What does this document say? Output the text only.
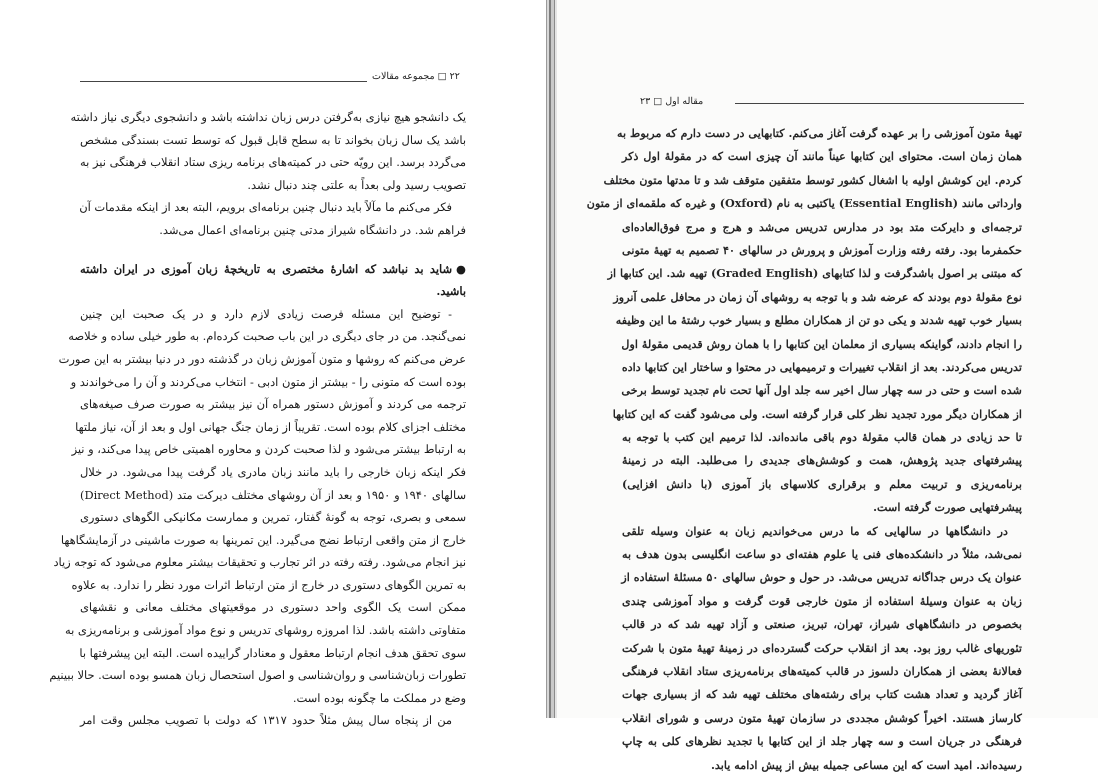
۲۲ □ مجموعه مقالات
مقاله اول □ ۲۳
یک دانشجو هیچ نیازی به‌گرفتن درس زبان نداشته باشد و دانشجوی دیگری نیاز داشته
باشد یک سال زبان بخواند تا به سطح قابل قبول که توسط تست بسندگی مشخص
می‌گردد برسد. این رویّه حتی در کمیته‌های برنامه ریزی ستاد انقلاب فرهنگی نیز به
تصویب رسید ولی بعداً به علتی چند دنبال نشد.
فکر می‌کنم ما مآلاً باید دنبال چنین برنامه‌ای برویم، البته بعد از اینکه مقدمات آن
فراهم شد. در دانشگاه شیراز مدتی چنین برنامه‌ای اعمال می‌شد.
●شاید بد نباشد که اشارهٔ مختصری به تاریخچهٔ زبان آموزی در ایران داشته
باشید.
- توضیح این مسئله فرصت زیادی لازم دارد و در یک صحبت این چنین
نمی‌گنجد. من در جای دیگری در این باب صحبت کرده‌ام. به طور خیلی ساده و خلاصه
عرض می‌کنم که روشها و متون آموزش زبان در گذشته دور در دنیا بیشتر به این صورت
بوده است که متونی را - بیشتر از متون ادبی - انتخاب می‌کردند و آن را می‌خواندند و
ترجمه می کردند و آموزش دستور همراه آن نیز بیشتر به صورت صرف صیغه‌های
مختلف اجزای کلام بوده است. تقریباً از زمان جنگ جهانی اول و بعد از آن، نیاز ملتها
به ارتباط بیشتر می‌شود و لذا صحبت کردن و محاوره اهمیتی خاص پیدا می‌کند، و نیز
فکر اینکه زبان خارجی را باید مانند زبان مادری یاد گرفت پیدا می‌شود. در خلال
سالهای ۱۹۴۰ و ۱۹۵۰ و بعد از آن روشهای مختلف دیرکت متد (Direct Method)
سمعی و بصری، توجه به گونهٔ گفتار، تمرین و ممارست مکانیکی الگوهای دستوری
خارج از متن واقعی ارتباط نضج می‌گیرد. این تمرینها به صورت ماشینی در آزمایشگاهها
نیز انجام می‌شود. رفته رفته در اثر تجارب و تحقیقات بیشتر معلوم می‌شود که توجه زیاد
به تمرین الگوهای دستوری در خارج از متن ارتباط اثرات مورد نظر را ندارد. به علاوه
ممکن است یک الگوی واحد دستوری در موقعیتهای مختلف معانی و نقشهای
متفاوتی داشته باشد. لذا امروزه روشهای تدریس و نوع مواد آموزشی و برنامه‌ریزی به
سوی تحقق هدف انجام ارتباط معقول و معنادار گراییده است. البته این پیشرفتها با
تطورات زبان‌شناسی و روان‌شناسی و اصول استحصال زبان همسو بوده است. حالا ببینیم
وضع در مملکت ما چگونه بوده است.
من از پنجاه سال پیش مثلاً حدود ۱۳۱۷ که دولت با تصویب مجلس وقت امر
تهیهٔ متون آموزشی را بر عهده گرفت آغاز می‌کنم. کتابهایی در دست دارم که مربوط به
همان زمان است. محتوای این کتابها عیناً مانند آن چیزی است که در مقولهٔ اول ذکر
کردم. این کوشش اولیه با اشغال کشور توسط متفقین متوقف شد و تا مدتها متون مختلف
وارداتی مانند (Essential English) یاکتبی به نام (Oxford) و غیره که ملقمه‌ای از متون
ترجمه‌ای و دایرکت متد بود در مدارس تدریس می‌شد و هرج و مرج فوق‌العاده‌ای
حکمفرما بود. رفته رفته وزارت آموزش و پرورش در سالهای ۴۰ تصمیم به تهیهٔ متونی
که مبتنی بر اصول باشدگرفت و لذا کتابهای (Graded English) تهیه شد. این کتابها از
نوع مقولهٔ دوم بودند که عرضه شد و با توجه به روشهای آن زمان در محافل علمی آنروز
بسیار خوب تهیه شدند و یکی دو تن از همکاران مطلع و بسیار خوب رشتهٔ ما این وظیفه
را انجام دادند، گواینکه بسیاری از معلمان این کتابها را با همان روش قدیمی مقولهٔ اول
تدریس می‌کردند. بعد از انقلاب تغییرات و ترمیمهایی در محتوا و ساختار این کتابها داده
شده است و حتی در سه چهار سال اخیر سه جلد اول آنها تحت نام تجدید توسط برخی
از همکاران دیگر مورد تجدید نظر کلی قرار گرفته است. ولی می‌شود گفت که این کتابها
تا حد زیادی در همان قالب مقولهٔ دوم باقی مانده‌اند. لذا ترمیم این کتب با توجه به
پیشرفتهای جدید پژوهش، همت و کوشش‌های جدیدی را می‌طلبد. البته در زمینهٔ
برنامه‌ریزی و تربیت معلم و برقراری کلاسهای باز آموزی (با دانش افزایی)
پیشرفتهایی صورت گرفته است.
در دانشگاهها در سالهایی که ما درس می‌خواندیم زبان به عنوان وسیله تلقی
نمی‌شد، مثلاً در دانشکده‌های فنی یا علوم هفته‌ای دو ساعت انگلیسی بدون هدف به
عنوان یک درس جداگانه تدریس می‌شد. در حول و حوش سالهای ۵۰ مسئلهٔ استفاده از
زبان به عنوان وسیلهٔ استفاده از متون خارجی قوت گرفت و مواد آموزشی چندی
بخصوص در دانشگاههای شیراز، تهران، تبریز، صنعتی و آزاد تهیه شد که در قالب
تئوریهای غالب روز بود. بعد از انقلاب حرکت گسترده‌ای در زمینهٔ تهیهٔ متون با شرکت
فعالانهٔ بعضی از همکاران دلسوز در قالب کمیته‌های برنامه‌ریزی ستاد انقلاب فرهنگی
آغاز گردید و تعداد هشت کتاب برای رشته‌های مختلف تهیه شد که از بسیاری جهات
کارساز هستند. اخیراً کوشش مجددی در سازمان تهیهٔ متون درسی و شورای انقلاب
فرهنگی در جریان است و سه چهار جلد از این کتابها با تجدید نظرهای کلی به چاپ
رسیده‌اند. امید است که این مساعی جمیله بیش از پیش ادامه یابد.
